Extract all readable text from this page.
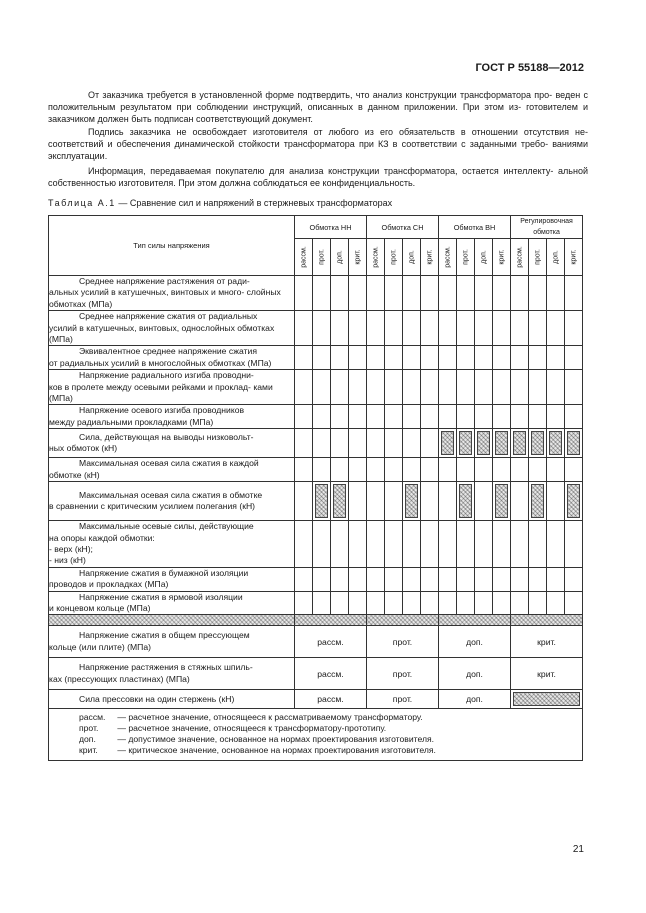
ГОСТ Р 55188—2012

От заказчика требуется в установленной форме подтвердить, что анализ конструкции трансформатора про- веден с положительным результатом при соблюдении инструкций, описанных в данном приложении. При этом из- готовителем и заказчиком должен быть подписан соответствующий документ.

Подпись заказчика не освобождает изготовителя от любого из его обязательств в отношении отсутствия не- соответствий и обеспечения динамической стойкости трансформатора при КЗ в соответствии с заданными требо- ваниями эксплуатации.

Информация, передаваемая покупателю для анализа конструкции трансформатора, остается интеллекту- альной собственностью изготовителя. При этом должна соблюдаться ее конфиденциальность.

Таблица А.1 — Сравнение сил и напряжений в стержневых трансформаторах
Тип силы напряжения	Обмотка НН				Обмотка СН				Обмотка ВН				Регулировочная обмотка			

	рассм.	прот.	доп.	крит.	рассм.	прот.	доп.	крит.	рассм.	прот.	доп.	крит.	рассм.	прот.	доп.	крит.

Среднее напряжение растяжения от ради-
альных усилий в катушечных, винтовых и много- слойных обмотках (МПа)																

Среднее напряжение сжатия от радиальных
усилий в катушечных, винтовых, однослойных обмотках (МПа)																

Эквивалентное среднее напряжение сжатия
от радиальных усилий в многослойных обмотках (МПа)																

Напряжение радиального изгиба проводни-
ков в пролете между осевыми рейками и проклад- ками (МПа)																

Напряжение осевого изгиба проводников
между радиальными прокладками (МПа)																

Сила, действующая на выводы низковольт-
ных обмоток (кН)									

Максимальная осевая сила сжатия в каждой
обмотке (кН)																

Максимальная осевая сила сжатия в обмотке
в сравнении с критическим усилием полегания (кН)		

Максимальные осевые силы, действующие
на опоры каждой обмотки:
- верх (кН);
- низ (кН)																

Напряжение сжатия в бумажной изоляции
проводов и прокладках (МПа)																

Напряжение сжатия в ярмовой изоляции
и концевом кольце (МПа)																

Напряжение сжатия в общем прессующем
кольце (или плите) (МПа)	рассм.				прот.				доп.				крит.			

Напряжение растяжения в стяжных шпиль-
ках (прессующих пластинах) (МПа)	рассм.				прот.				доп.				крит.			

Сила прессовки на один стержень (кН)	рассм.				прот.				доп.							

рассм. — расчетное значение, относящееся к рассматриваемому трансформатору.
прот. — расчетное значение, относящееся к трансформатору-прототипу.
доп. — допустимое значение, основанное на нормах проектирования изготовителя.
крит. — критическое значение, основанное на нормах проектирования изготовителя.																
21
